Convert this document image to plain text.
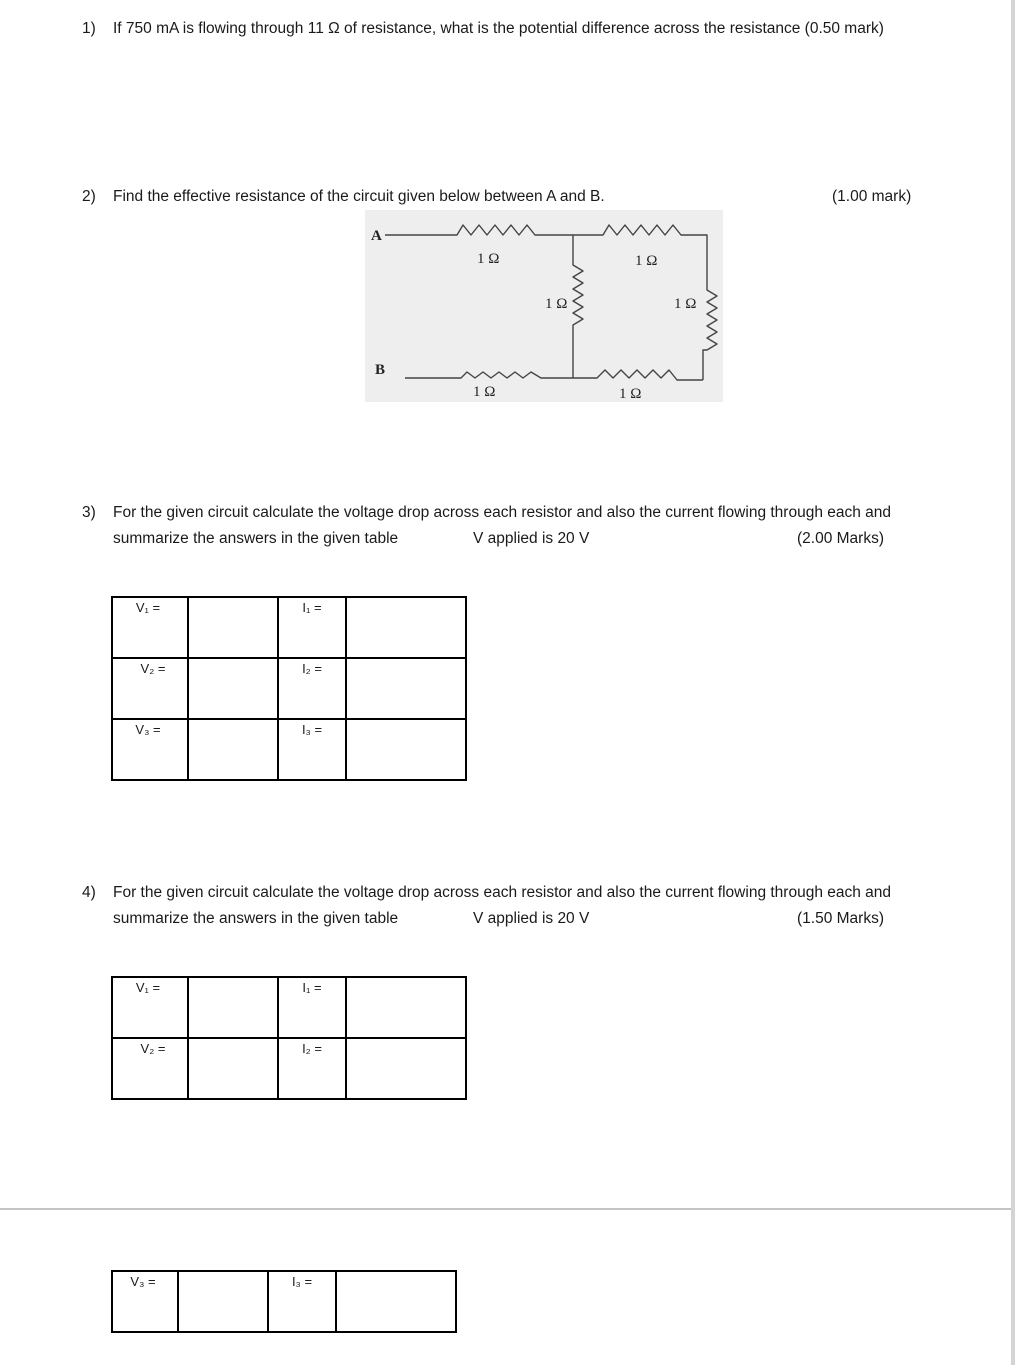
1) If 750 mA is flowing through 11 Ω of resistance, what is the potential difference across the resistance (0.50 mark)
2) Find the effective resistance of the circuit given below between A and B.	(1.00 mark)
A
B
1 Ω	1 Ω
1 Ω	1 Ω
1 Ω	1 Ω
3) For the given circuit calculate the voltage drop across each resistor and also the current flowing through each and
summarize the answers in the given table	V applied is 20 V	(2.00 Marks)
V₁ =		I₁ =	
V₂ =		I₂ =	
V₃ =		I₃ =	
4) For the given circuit calculate the voltage drop across each resistor and also the current flowing through each and
summarize the answers in the given table	V applied is 20 V	(1.50 Marks)
V₁ =		I₁ =	
V₂ =		I₂ =	
V₃ =		I₃ =	
